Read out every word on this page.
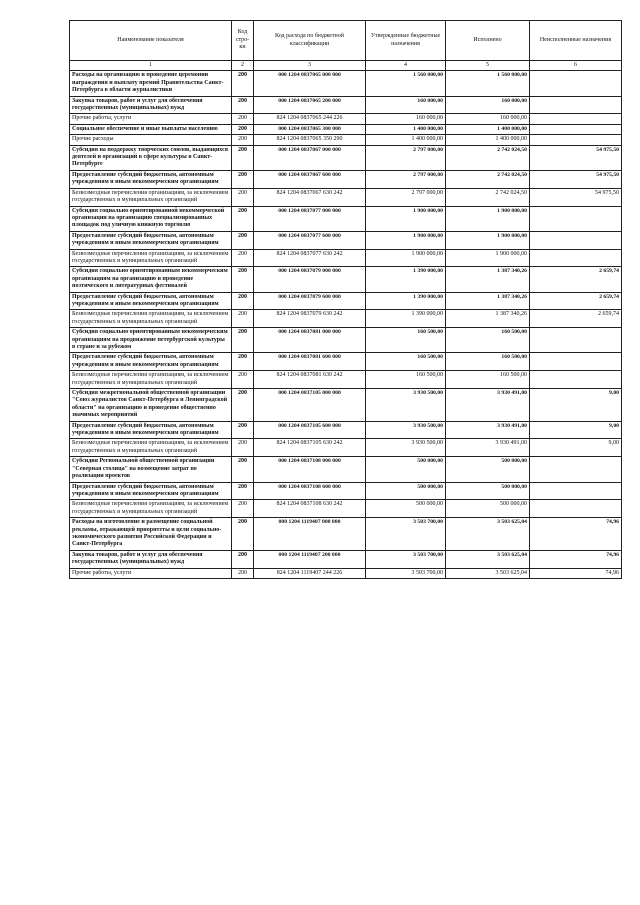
Наименование показателя	Код стро-ки	Код расхода по бюджетной классификации	Утвержденные бюджетные назначения	Исполнено	Неисполненные назначения
1	2	3	4	5	6
Расходы на организацию и проведение церемонии награждения и выплату премий Правительства Санкт-Петербурга в области журналистики	200	000 1204 0837065 000 000	1 560 000,00	1 560 000,00	
Закупка товаров, работ и услуг для обеспечения государственных (муниципальных) нужд	200	000 1204 0837065 200 000	160 000,00	160 000,00	
Прочие работы, услуги	200	824 1204 0837065 244 226	160 000,00	160 000,00	
Социальное обеспечение и иные выплаты населению	200	000 1204 0837065 300 000	1 400 000,00	1 400 000,00	
Прочие расходы	200	824 1204 0837065 350 290	1 400 000,00	1 400 000,00	
Субсидия на поддержку творческих союзов, выдающихся деятелей и организаций в сфере культуры в Санкт-Петербурге	200	000 1204 0837067 000 000	2 797 000,00	2 742 024,50	54 975,50
Предоставление субсидий бюджетным, автономным учреждениям и иным некоммерческим организациям	200	000 1204 0837067 600 000	2 797 000,00	2 742 024,50	54 975,50
Безвозмездные перечисления организациям, за исключением государственных и муниципальных организаций	200	824 1204 0837067 630 242	2 797 000,00	2 742 024,50	54 975,50
Субсидия социально ориентированной некоммерческой организации на организацию специализированных площадок под уличную книжную торговлю	200	000 1204 0837077 000 000	1 900 000,00	1 900 000,00	
Предоставление субсидий бюджетным, автономным учреждениям и иным некоммерческим организациям	200	000 1204 0837077 600 000	1 900 000,00	1 900 000,00	
Безвозмездные перечисления организациям, за исключением государственных и муниципальных организаций	200	824 1204 0837077 630 242	1 900 000,00	1 900 000,00	
Субсидия социально ориентированным некоммерческим организациям на организацию и проведение поэтического и литературных фестивалей	200	000 1204 0837079 000 000	1 390 000,00	1 387 340,26	2 659,74
Предоставление субсидий бюджетным, автономным учреждениям и иным некоммерческим организациям	200	000 1204 0837079 600 000	1 390 000,00	1 387 340,26	2 659,74
Безвозмездные перечисления организациям, за исключением государственных и муниципальных организаций	200	824 1204 0837079 630 242	1 390 000,00	1 387 340,26	2 659,74
Субсидия социально ориентированным некоммерческим организациям на продвижение петербургской культуры в стране и за рубежом	200	000 1204 0837081 000 000	160 500,00	160 500,00	
Предоставление субсидий бюджетным, автономным учреждениям и иным некоммерческим организациям	200	000 1204 0837081 600 000	160 500,00	160 500,00	
Безвозмездные перечисления организациям, за исключением государственных и муниципальных организаций	200	824 1204 0837081 630 242	160 500,00	160 500,00	
Субсидия межрегиональной общественной организации "Союз журналистов Санкт-Петербурга и Ленинградской области" на организацию и проведение общественно значимых мероприятий	200	000 1204 0837105 000 000	3 930 500,00	3 930 491,00	9,00
Предоставление субсидий бюджетным, автономным учреждениям и иным некоммерческим организациям	200	000 1204 0837105 600 000	3 930 500,00	3 930 491,00	9,00
Безвозмездные перечисления организациям, за исключением государственных и муниципальных организаций	200	824 1204 0837105 630 242	3 930 500,00	3 930 491,00	9,00
Субсидия Региональной общественной организации "Северная столица" на возмещение затрат по реализации проектов	200	000 1204 0837108 000 000	500 000,00	500 000,00	
Предоставление субсидий бюджетным, автономным учреждениям и иным некоммерческим организациям	200	000 1204 0837108 600 000	500 000,00	500 000,00	
Безвозмездные перечисления организациям, за исключением государственных и муниципальных организаций	200	824 1204 0837108 630 242	500 000,00	500 000,00	
Расходы на изготовление и размещение социальной рекламы, отражающей приоритеты и цели социально-экономического развития Российской Федерации и Санкт-Петербурга	200	000 1204 1119407 000 000	3 503 700,00	3 503 625,04	74,96
Закупка товаров, работ и услуг для обеспечения государственных (муниципальных) нужд	200	000 1204 1119407 200 000	3 503 700,00	3 503 625,04	74,96
Прочие работы, услуги	200	824 1204 1119407 244 226	3 503 700,00	3 503 625,04	74,96
